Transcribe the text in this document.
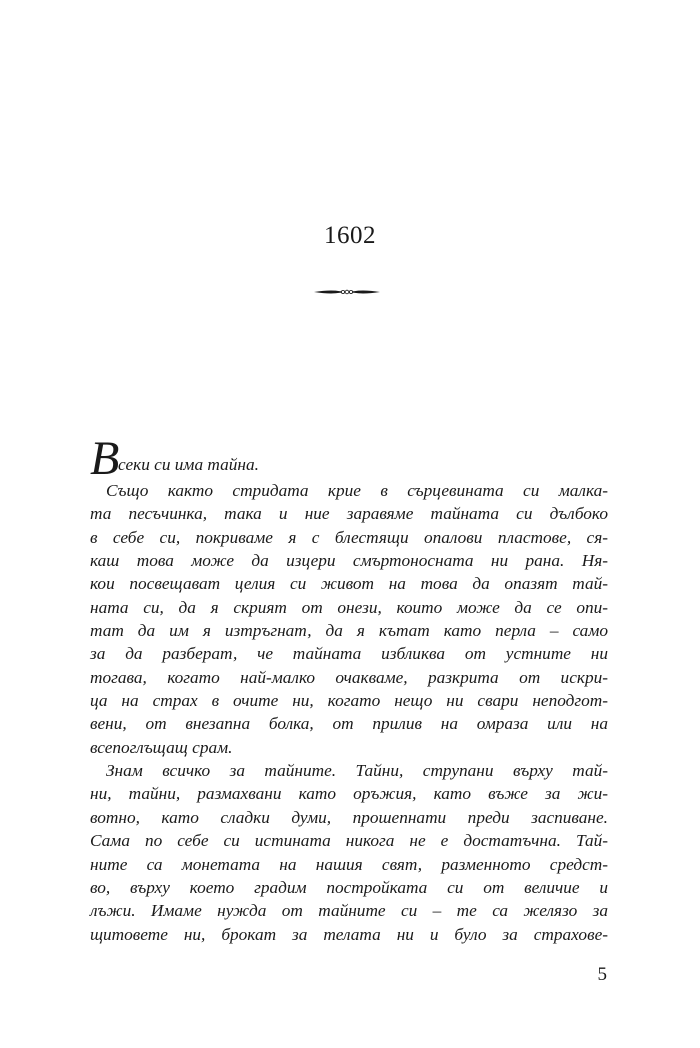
1602
В
секи си има тайна.
Също както стридата крие в сърцевината си малка-
та песъчинка, така и ние заравяме тайната си дълбоко
в себе си, покриваме я с блестящи опалови пластове, ся-
каш това може да изцери смъртоносната ни рана. Ня-
кои посвещават целия си живот на това да опазят тай-
ната си, да я скрият от онези, които може да се опи-
тат да им я изтръгнат, да я кътат като перла – само
за да разберат, че тайната избликва от устните ни
тогава, когато най-малко очакваме, разкрита от искри-
ца на страх в очите ни, когато нещо ни свари неподгот-
вени, от внезапна болка, от прилив на омраза или на
всепоглъщащ срам.
Знам всичко за тайните. Тайни, струпани върху тай-
ни, тайни, размахвани като оръжия, като въже за жи-
вотно, като сладки думи, прошепнати преди заспиване.
Сама по себе си истината никога не е достатъчна. Тай-
ните са монетата на нашия свят, разменното средст-
во, върху което градим постройката си от величие и
лъжи. Имаме нужда от тайните си – те са желязо за
щитовете ни, брокат за телата ни и було за страхове-
5
